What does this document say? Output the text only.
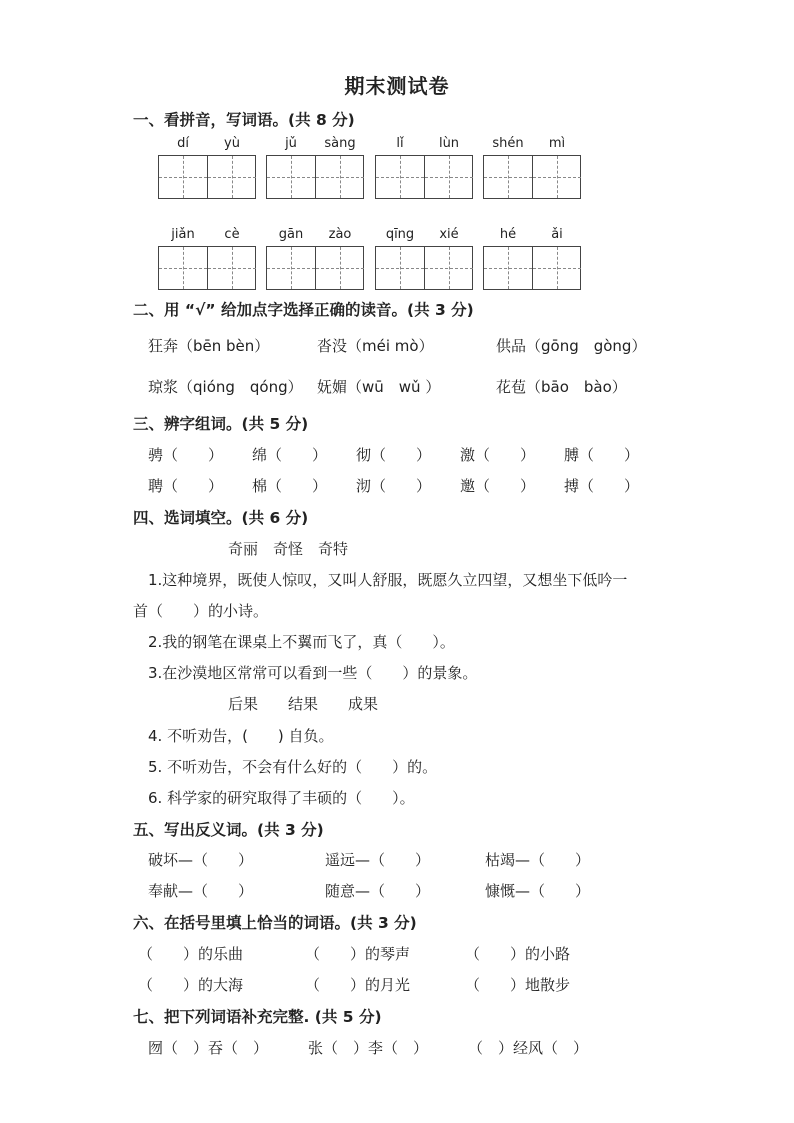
期末测试卷
一、看拼音，写词语。(共 8 分)
dí	yù	jǔ	sàng	lǐ	lùn	shén	mì
jiǎn	cè	gān	zào	qīng	xié	hé	ǎi
二、用 “√” 给加点字选择正确的读音。(共 3 分)
狂奔（bēn bèn）	沓没（méi mò）	供品（gōng　gòng）
琼浆（qióng　qóng） 妩媚（wū　wǔ ）	花苞（bāo　bào）
三、辨字组词。(共 5 分)
骋（　　） 绵（　　） 彻（　　） 激（　　） 膊（　　）
聘（　　） 棉（　　） 沏（　　） 邀（　　） 搏（　　）
四、选词填空。(共 6 分)
奇丽　奇怪　奇特
1.这种境界，既使人惊叹，又叫人舒服，既愿久立四望，又想坐下低吟一
首（　　）的小诗。
2.我的钢笔在课桌上不翼而飞了，真（　　）。
3.在沙漠地区常常可以看到一些（　　）的景象。
后果　　结果　　成果
4. 不听劝告，(　　) 自负。
5. 不听劝告，不会有什么好的（　　）的。
6. 科学家的研究取得了丰硕的（　　）。
五、写出反义词。(共 3 分)
破坏—（　　）	遥远—（　　）	枯竭—（　　）
奉献—（　　）	随意—（　　）	慷慨—（　　）
六、在括号里填上恰当的词语。(共 3 分)
（　　）的乐曲	（　　）的琴声	（　　）的小路
（　　）的大海	（　　）的月光	（　　）地散步
七、把下列词语补充完整. (共 5 分)
囫（　）吞（　）	张（　）李（　）	（　）经风（　）
